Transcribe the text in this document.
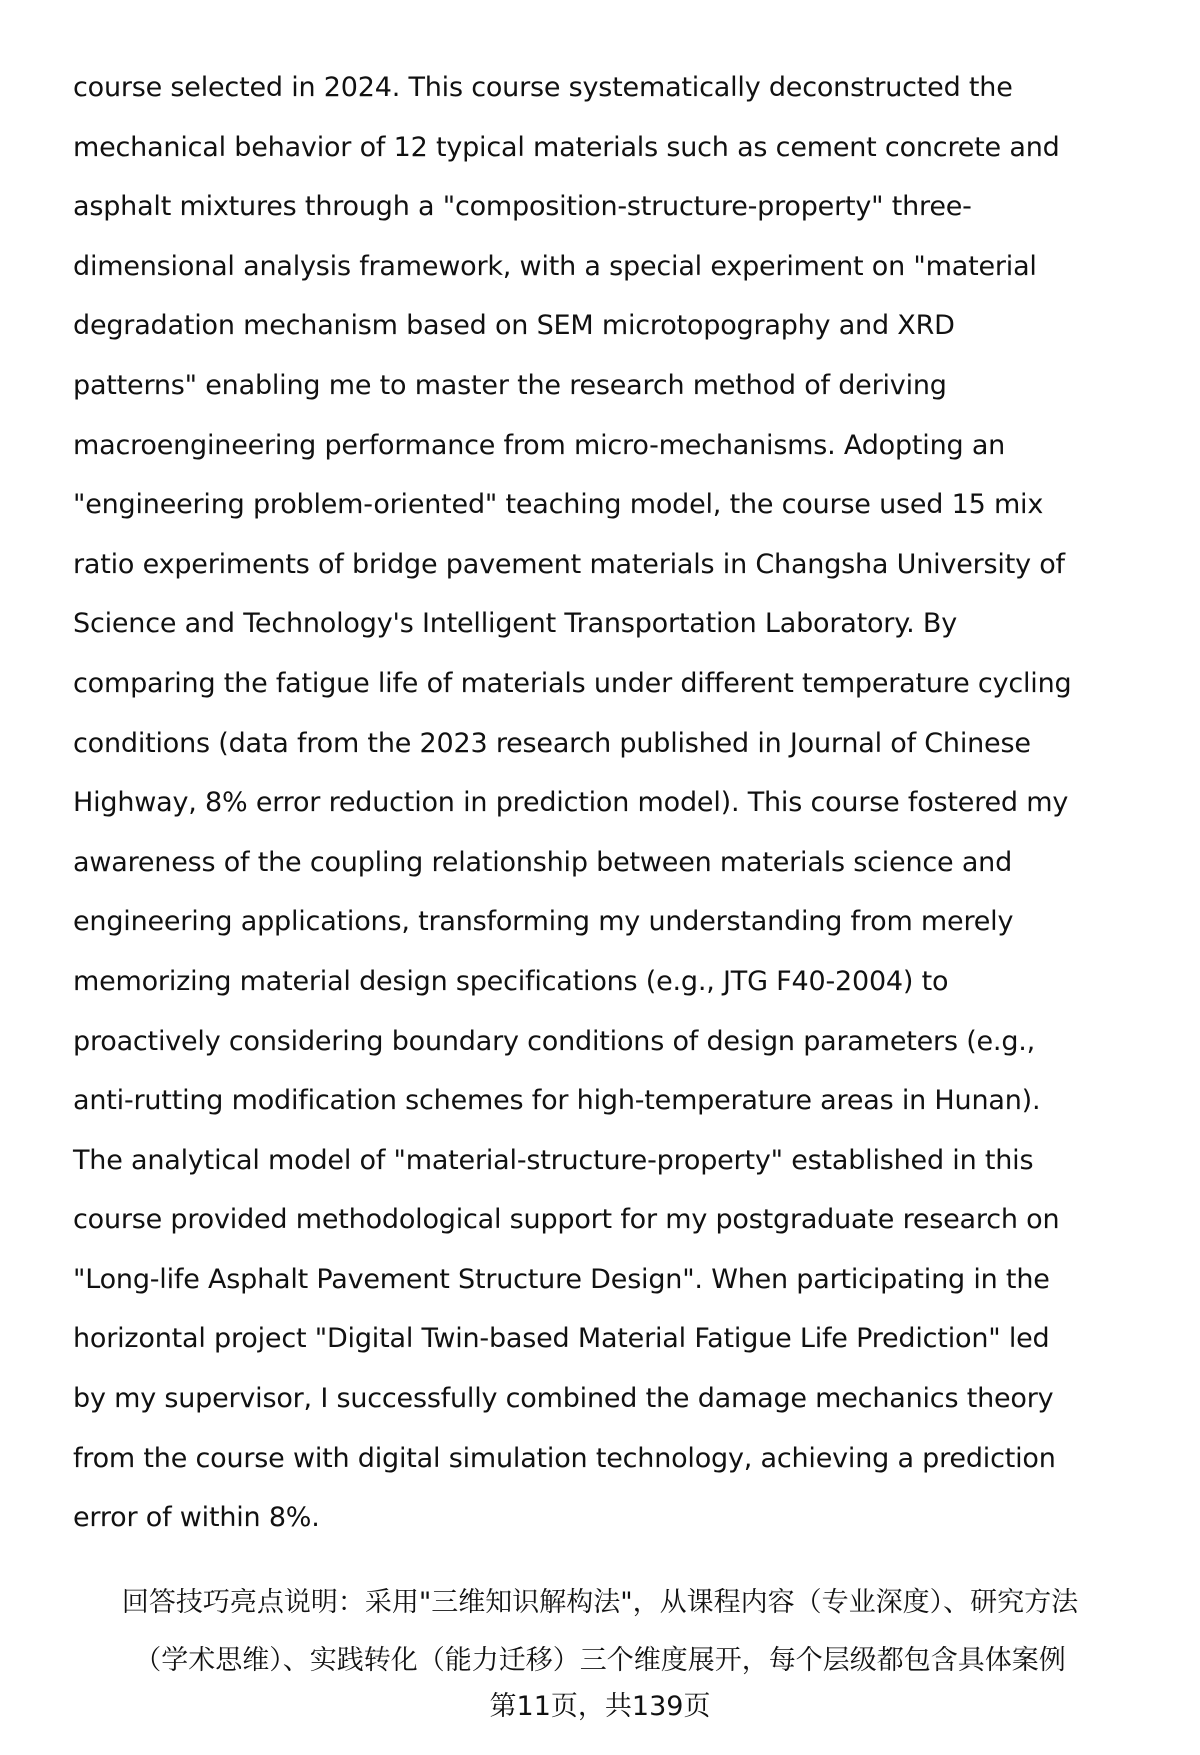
course selected in 2024. This course systematically deconstructed the
mechanical behavior of 12 typical materials such as cement concrete and
asphalt mixtures through a "composition-structure-property" three-
dimensional analysis framework, with a special experiment on "material
degradation mechanism based on SEM microtopography and XRD
patterns" enabling me to master the research method of deriving
macroengineering performance from micro-mechanisms. Adopting an
"engineering problem-oriented" teaching model, the course used 15 mix
ratio experiments of bridge pavement materials in Changsha University of
Science and Technology's Intelligent Transportation Laboratory. By
comparing the fatigue life of materials under different temperature cycling
conditions (data from the 2023 research published in Journal of Chinese
Highway, 8% error reduction in prediction model). This course fostered my
awareness of the coupling relationship between materials science and
engineering applications, transforming my understanding from merely
memorizing material design specifications (e.g., JTG F40-2004) to
proactively considering boundary conditions of design parameters (e.g.,
anti-rutting modification schemes for high-temperature areas in Hunan).
The analytical model of "material-structure-property" established in this
course provided methodological support for my postgraduate research on
"Long-life Asphalt Pavement Structure Design". When participating in the
horizontal project "Digital Twin-based Material Fatigue Life Prediction" led
by my supervisor, I successfully combined the damage mechanics theory
from the course with digital simulation technology, achieving a prediction
error of within 8%.
回答技巧亮点说明：采用"三维知识解构法"，从课程内容（专业深度）、研究方法
（学术思维）、实践转化（能力迁移）三个维度展开，每个层级都包含具体案例
第11页，共139页
